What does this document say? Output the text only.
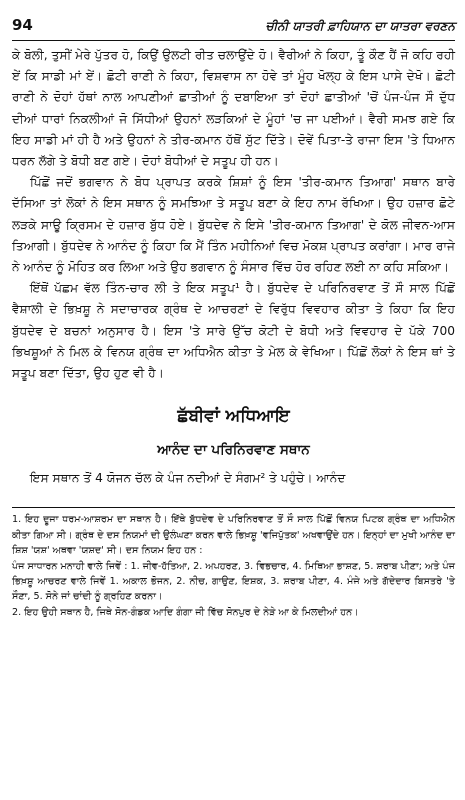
94	ਚੀਨੀ ਯਾਤਰੀ ਫ਼ਾਹਿਯਾਨ ਦਾ ਯਾਤਰਾ ਵਰਣਨ

ਕੇ ਬੋਲੀ, ਤੁਸੀਂ ਮੇਰੇ ਪੁੱਤਰ ਹੋ, ਕਿਉਂ ਉਲਟੀ ਰੀਤ ਚਲਾਉਂਦੇ ਹੋ। ਵੈਰੀਆਂ ਨੇ ਕਿਹਾ, ਤੂੰ ਕੌਣ ਹੈਂ ਜੋ ਕਹਿ ਰਹੀ ਏਂ ਕਿ ਸਾਡੀ ਮਾਂ ਏਂ। ਛੋਟੀ ਰਾਣੀ ਨੇ ਕਿਹਾ, ਵਿਸ਼ਵਾਸ ਨਾ ਹੋਵੇ ਤਾਂ ਮੂੰਹ ਖੋਲ੍ਹ ਕੇ ਇਸ ਪਾਸੇ ਦੇਖੋ। ਛੋਟੀ ਰਾਣੀ ਨੇ ਦੋਹਾਂ ਹੱਥਾਂ ਨਾਲ ਆਪਣੀਆਂ ਛਾਤੀਆਂ ਨੂੰ ਦਬਾਇਆ ਤਾਂ ਦੋਹਾਂ ਛਾਤੀਆਂ 'ਚੋਂ ਪੰਜ-ਪੰਜ ਸੌ ਦੁੱਧ ਦੀਆਂ ਧਾਰਾਂ ਨਿਕਲੀਆਂ ਜੋ ਸਿੱਧੀਆਂ ਉਹਨਾਂ ਲੜਕਿਆਂ ਦੇ ਮੂੰਹਾਂ 'ਚ ਜਾ ਪਈਆਂ। ਵੈਰੀ ਸਮਝ ਗਏ ਕਿ ਇਹ ਸਾਡੀ ਮਾਂ ਹੀ ਹੈ ਅਤੇ ਉਹਨਾਂ ਨੇ ਤੀਰ-ਕਮਾਨ ਹੱਥੋਂ ਸੁੱਟ ਦਿੱਤੇ। ਦੋਵੇਂ ਪਿਤਾ-ਤੇ ਰਾਜਾ ਇਸ 'ਤੇ ਧਿਆਨ ਧਰਨ ਲੱਗੇ ਤੇ ਬੋਧੀ ਬਣ ਗਏ। ਦੋਹਾਂ ਬੋਧੀਆਂ ਦੇ ਸਤੂਪ ਹੀ ਹਨ।

ਪਿੱਛੋਂ ਜਦੋਂ ਭਗਵਾਨ ਨੇ ਬੋਧ ਪ੍ਰਾਪਤ ਕਰਕੇ ਸ਼ਿਸ਼ਾਂ ਨੂੰ ਇਸ 'ਤੀਰ-ਕਮਾਨ ਤਿਆਗ' ਸਥਾਨ ਬਾਰੇ ਦੱਸਿਆ ਤਾਂ ਲੋਕਾਂ ਨੇ ਇਸ ਸਥਾਨ ਨੂੰ ਸਮਝਿਆ ਤੇ ਸਤੂਪ ਬਣਾ ਕੇ ਇਹ ਨਾਮ ਰੱਖਿਆ। ਉਹ ਹਜ਼ਾਰ ਛੋਟੇ ਲੜਕੇ ਸਾਊ ਕ੍ਰਿਸਮ ਦੇ ਹਜ਼ਾਰ ਬੁੱਧ ਹੋਏ। ਬੁੱਧਦੇਵ ਨੇ ਇਸੇ 'ਤੀਰ-ਕਮਾਨ ਤਿਆਗ' ਦੇ ਕੋਲ ਜੀਵਨ-ਆਸ ਤਿਆਗੀ। ਬੁੱਧਦੇਵ ਨੇ ਆਨੰਦ ਨੂੰ ਕਿਹਾ ਕਿ ਮੈਂ ਤਿੰਨ ਮਹੀਨਿਆਂ ਵਿਚ ਮੋਕਸ਼ ਪ੍ਰਾਪਤ ਕਰਾਂਗਾ। ਮਾਰ ਰਾਜੇ ਨੇ ਆਨੰਦ ਨੂੰ ਮੋਹਿਤ ਕਰ ਲਿਆ ਅਤੇ ਉਹ ਭਗਵਾਨ ਨੂੰ ਸੰਸਾਰ ਵਿੱਚ ਹੋਰ ਰਹਿਣ ਲਈ ਨਾ ਕਹਿ ਸਕਿਆ।

ਇੱਥੋਂ ਪੱਛਮ ਵੱਲ ਤਿੰਨ-ਚਾਰ ਲੀ ਤੇ ਇਕ ਸਤੂਪ¹ ਹੈ। ਬੁੱਧਦੇਵ ਦੇ ਪਰਿਨਿਰਵਾਣ ਤੋਂ ਸੌ ਸਾਲ ਪਿੱਛੋਂ ਵੈਸ਼ਾਲੀ ਦੇ ਭਿਖ਼ਸ਼ੂ ਨੇ ਸਦਾਚਾਰਕ ਗ੍ਰੰਥ ਦੇ ਆਚਰਣਾਂ ਦੇ ਵਿਰੁੱਧ ਵਿਵਹਾਰ ਕੀਤਾ ਤੇ ਕਿਹਾ ਕਿ ਇਹ ਬੁੱਧਦੇਵ ਦੇ ਬਚਨਾਂ ਅਨੁਸਾਰ ਹੈ। ਇਸ 'ਤੇ ਸਾਰੇ ਉੱਚ ਕੋਟੀ ਦੇ ਬੋਧੀ ਅਤੇ ਵਿਵਹਾਰ ਦੇ ਪੱਕੇ 700 ਭਿਖਸ਼ੂਆਂ ਨੇ ਮਿਲ ਕੇ ਵਿਨਯ ਗ੍ਰੰਥ ਦਾ ਅਧਿਐਨ ਕੀਤਾ ਤੇ ਮੇਲ ਕੇ ਵੇਖਿਆ। ਪਿੱਛੋਂ ਲੋਕਾਂ ਨੇ ਇਸ ਥਾਂ ਤੇ ਸਤੂਪ ਬਣਾ ਦਿੱਤਾ, ਉਹ ਹੁਣ ਵੀ ਹੈ।

ਛੱਬੀਵਾਂ ਅਧਿਆਇ
ਆਨੰਦ ਦਾ ਪਰਿਨਿਰਵਾਣ ਸਥਾਨ

ਇਸ ਸਥਾਨ ਤੋਂ 4 ਯੋਜਨ ਚੱਲ ਕੇ ਪੰਜ ਨਦੀਆਂ ਦੇ ਸੰਗਮ² ਤੇ ਪਹੁੰਚੇ। ਆਨੰਦ

1. ਇਹ ਦੂਜਾ ਧਰਮ-ਆਸ਼ਰਮ ਦਾ ਸਥਾਨ ਹੈ। ਇੱਥੇ ਬੁੱਧਦੇਵ ਦੇ ਪਰਿਨਿਰਵਾਣ ਤੋਂ ਸੌ ਸਾਲ ਪਿੱਛੋਂ ਵਿਨਯ ਪਿਟਕ ਗ੍ਰੰਥ ਦਾ ਅਧਿਐਨ ਕੀਤਾ ਗਿਆ ਸੀ। ਗ੍ਰੰਥ ਦੇ ਦਸ ਨਿਯਮਾਂ ਦੀ ਉਲੰਘਣਾ ਕਰਨ ਵਾਲੇ ਭਿਖ਼ਸ਼ੂ 'ਵਜਿਪੁੱਤਕ' ਅਖਵਾਉਂਦੇ ਹਨ। ਇਨ੍ਹਾਂ ਦਾ ਮੁਖੀ ਆਨੰਦ ਦਾ ਸ਼ਿਸ਼ 'ਯਸ਼' ਅਥਵਾ 'ਯਸ਼ਦ' ਸੀ। ਦਸ ਨਿਯਮ ਇਹ ਹਨ :

ਪੰਜ ਸਾਧਾਰਨ ਮਨਾਹੀ ਵਾਲੇ ਜਿਵੇਂ : 1. ਜੀਵ-ਹੱਤਿਆ, 2. ਅਪਹਰਣ, 3. ਵਿਭਚਾਰ, 4. ਮਿਥਿਆ ਭਾਸ਼ਣ, 5. ਸ਼ਰਾਬ ਪੀਣਾ; ਅਤੇ ਪੰਜ ਭਿਖ਼ਸ਼ੂ ਆਚਰਣ ਵਾਲੇ ਜਿਵੇਂ 1. ਅਕਾਲ ਭੋਜਨ, 2. ਨੀਚ, ਗਾਉਣ, ਇਸ਼ਕ, 3. ਸ਼ਰਾਬ ਪੀਣਾ, 4. ਮੰਜੇ ਅਤੇ ਗੱਦੇਦਾਰ ਬਿਸਤਰੇ 'ਤੇ ਸੌਣਾ, 5. ਸੋਨੇ ਜਾਂ ਚਾਂਦੀ ਨੂੰ ਗ੍ਰਹਿਣ ਕਰਨਾ।

2. ਇਹ ਉਹੀ ਸਥਾਨ ਹੈ, ਜਿਥੇ ਸੋਨ-ਗੰਡਕ ਆਦਿ ਗੰਗਾ ਜੀ ਵਿੱਚ ਸੋਨਪੁਰ ਦੇ ਨੇੜੇ ਆ ਕੇ ਮਿਲਦੀਆਂ ਹਨ।
